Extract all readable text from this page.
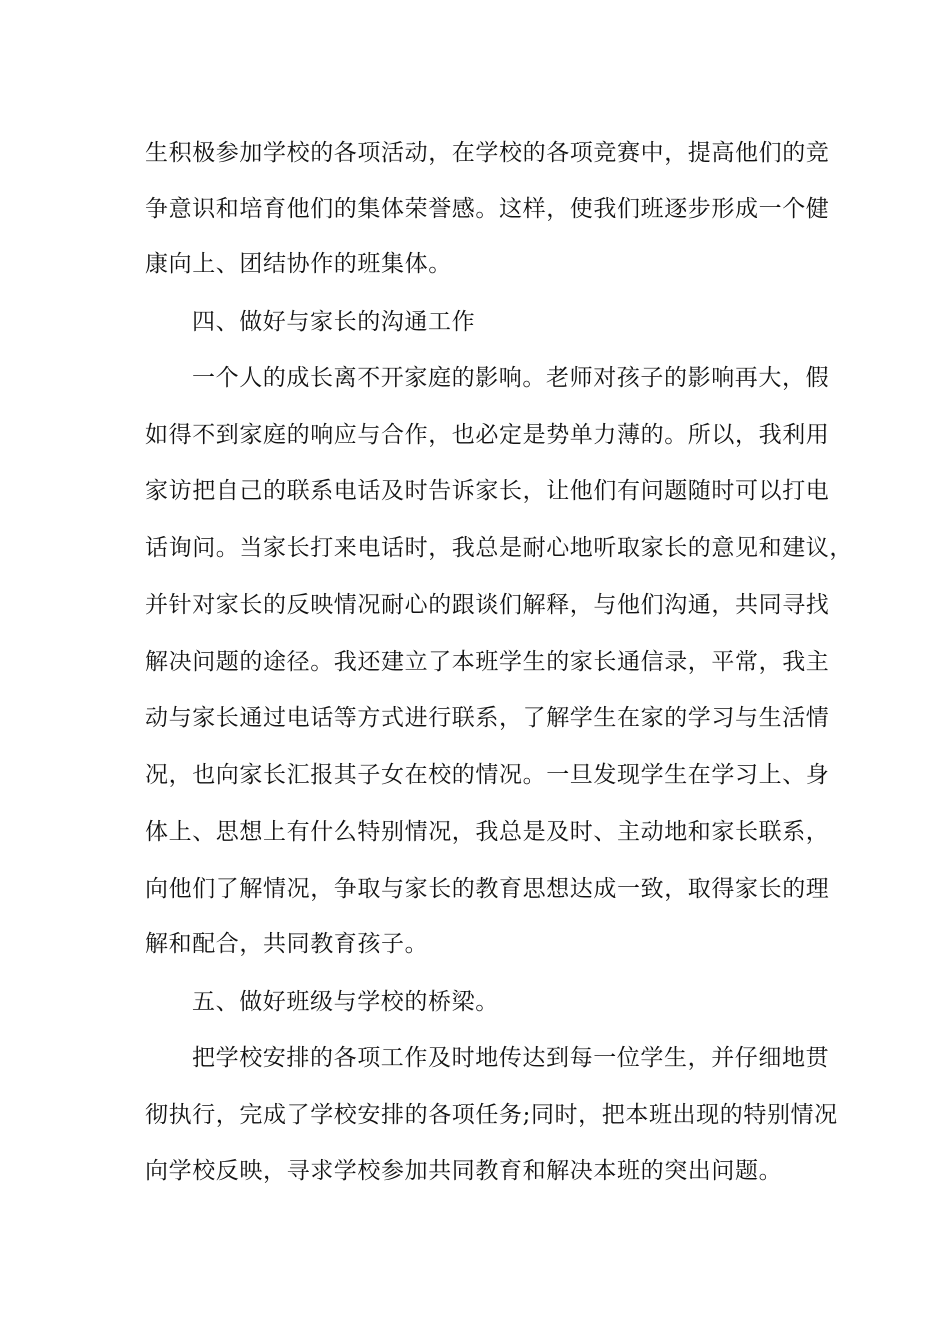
生积极参加学校的各项活动，在学校的各项竞赛中，提高他们的竞
争意识和培育他们的集体荣誉感。这样，使我们班逐步形成一个健
康向上、团结协作的班集体。
四、做好与家长的沟通工作
一个人的成长离不开家庭的影响。老师对孩子的影响再大，假
如得不到家庭的响应与合作，也必定是势单力薄的。所以，我利用
家访把自己的联系电话及时告诉家长，让他们有问题随时可以打电
话询问。当家长打来电话时，我总是耐心地听取家长的意见和建议，
并针对家长的反映情况耐心的跟谈们解释，与他们沟通，共同寻找
解决问题的途径。我还建立了本班学生的家长通信录，平常，我主
动与家长通过电话等方式进行联系，了解学生在家的学习与生活情
况，也向家长汇报其子女在校的情况。一旦发现学生在学习上、身
体上、思想上有什么特别情况，我总是及时、主动地和家长联系，
向他们了解情况，争取与家长的教育思想达成一致，取得家长的理
解和配合，共同教育孩子。
五、做好班级与学校的桥梁。
把学校安排的各项工作及时地传达到每一位学生，并仔细地贯
彻执行，完成了学校安排的各项任务;同时，把本班出现的特别情况
向学校反映，寻求学校参加共同教育和解决本班的突出问题。
